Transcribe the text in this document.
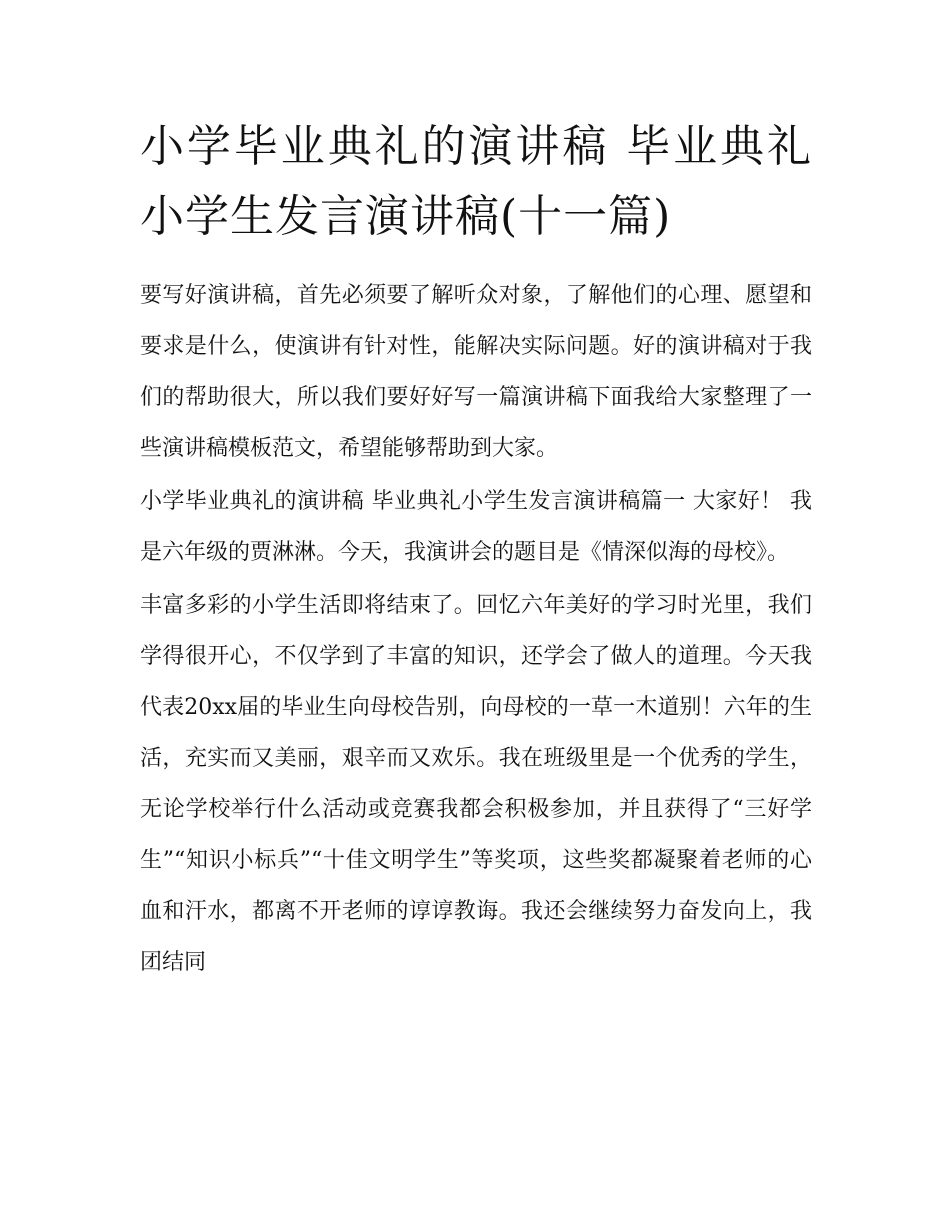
小学毕业典礼的演讲稿 毕业典礼小学生发言演讲稿(十一篇)

要写好演讲稿，首先必须要了解听众对象，了解他们的心理、愿望和要求是什么，使演讲有针对性，能解决实际问题。好的演讲稿对于我们的帮助很大，所以我们要好好写一篇演讲稿下面我给大家整理了一些演讲稿模板范文，希望能够帮助到大家。

小学毕业典礼的演讲稿 毕业典礼小学生发言演讲稿篇一 大家好！ 我是六年级的贾淋淋。今天，我演讲会的题目是《情深似海的母校》。

丰富多彩的小学生活即将结束了。回忆六年美好的学习时光里，我们学得很开心，不仅学到了丰富的知识，还学会了做人的道理。今天我代表20xx届的毕业生向母校告别，向母校的一草一木道别！六年的生活，充实而又美丽，艰辛而又欢乐。我在班级里是一个优秀的学生，无论学校举行什么活动或竞赛我都会积极参加，并且获得了“三好学生”“知识小标兵”“十佳文明学生”等奖项，这些奖都凝聚着老师的心血和汗水，都离不开老师的谆谆教诲。我还会继续努力奋发向上，我团结同
